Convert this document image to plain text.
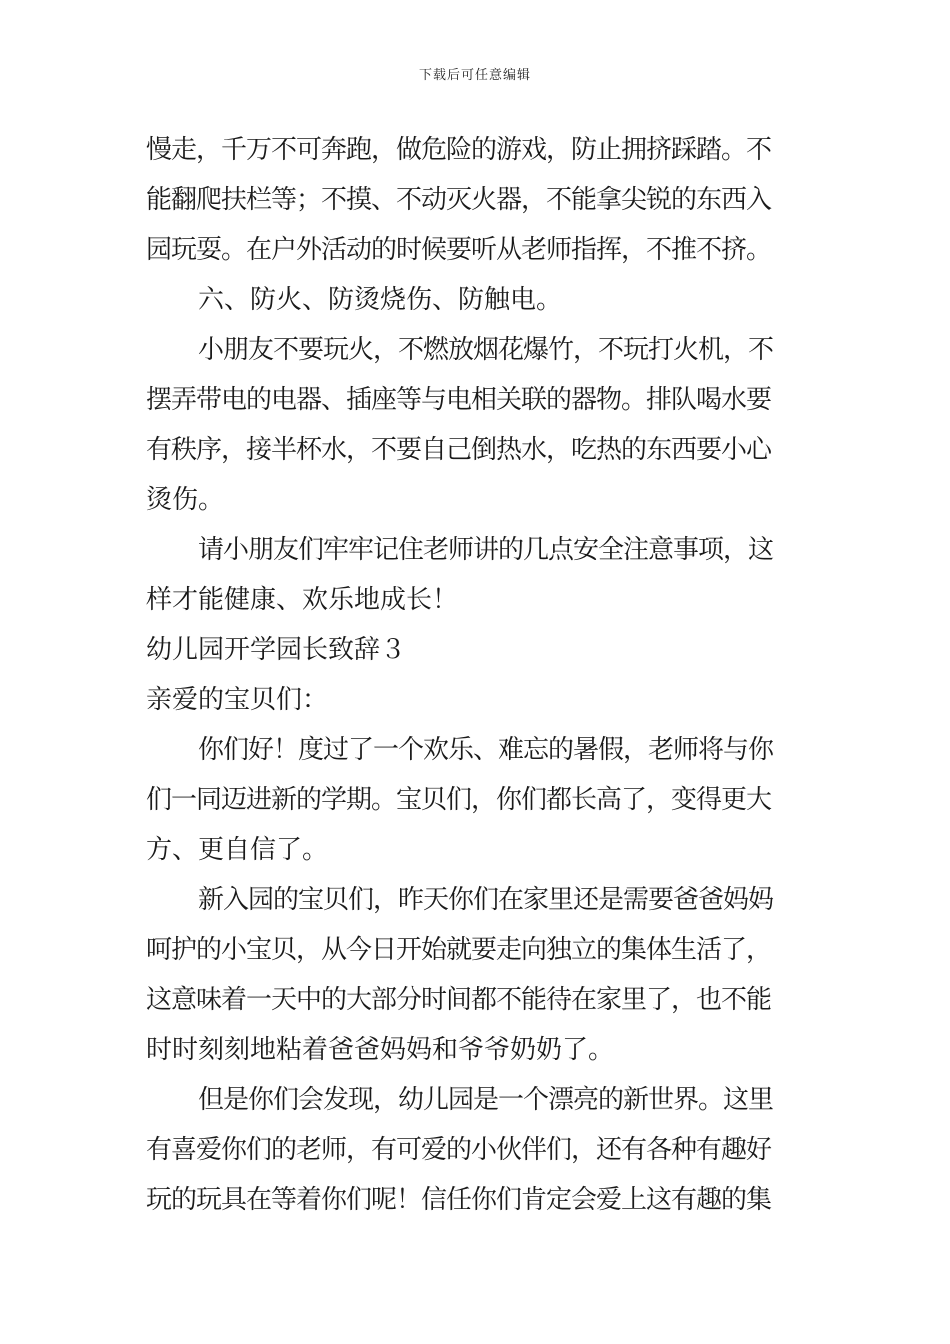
下载后可任意编辑
慢走，千万不可奔跑，做危险的游戏，防止拥挤踩踏。不
能翻爬扶栏等；不摸、不动灭火器，不能拿尖锐的东西入
园玩耍。在户外活动的时候要听从老师指挥，不推不挤。
六、防火、防烫烧伤、防触电。
小朋友不要玩火，不燃放烟花爆竹，不玩打火机，不
摆弄带电的电器、插座等与电相关联的器物。排队喝水要
有秩序，接半杯水，不要自己倒热水，吃热的东西要小心
烫伤。
请小朋友们牢牢记住老师讲的几点安全注意事项，这
样才能健康、欢乐地成长！
幼儿园开学园长致辞３
亲爱的宝贝们：
你们好！度过了一个欢乐、难忘的暑假，老师将与你
们一同迈进新的学期。宝贝们，你们都长高了，变得更大
方、更自信了。
新入园的宝贝们，昨天你们在家里还是需要爸爸妈妈
呵护的小宝贝，从今日开始就要走向独立的集体生活了，
这意味着一天中的大部分时间都不能待在家里了，也不能
时时刻刻地粘着爸爸妈妈和爷爷奶奶了。
但是你们会发现，幼儿园是一个漂亮的新世界。这里
有喜爱你们的老师，有可爱的小伙伴们，还有各种有趣好
玩的玩具在等着你们呢！信任你们肯定会爱上这有趣的集
